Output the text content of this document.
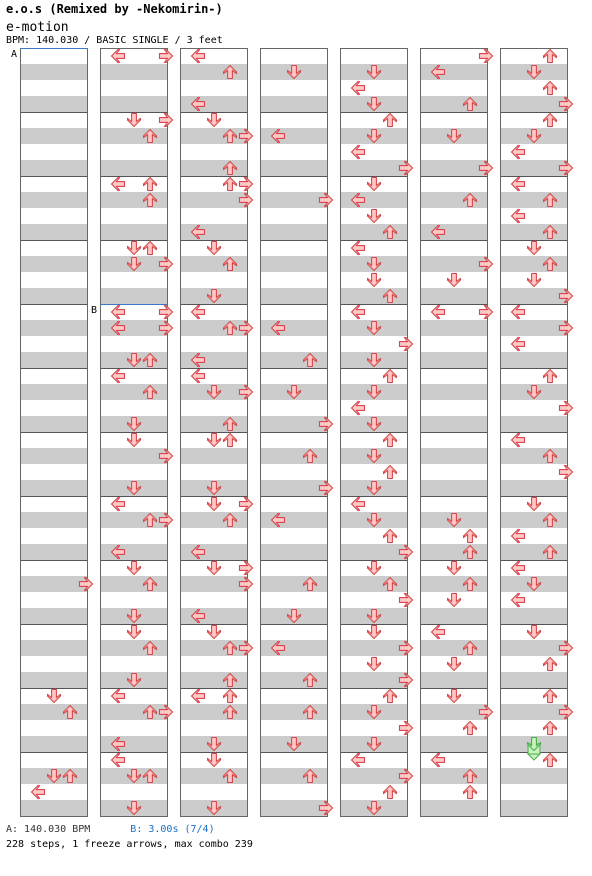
e.o.s (Remixed by -Nekomirin-)
e-motion
BPM: 140.030 / BASIC SINGLE / 3 feet
A
B
A: 140.030 BPM	B: 3.00s (7/4)
228 steps, 1 freeze arrows, max combo 239
